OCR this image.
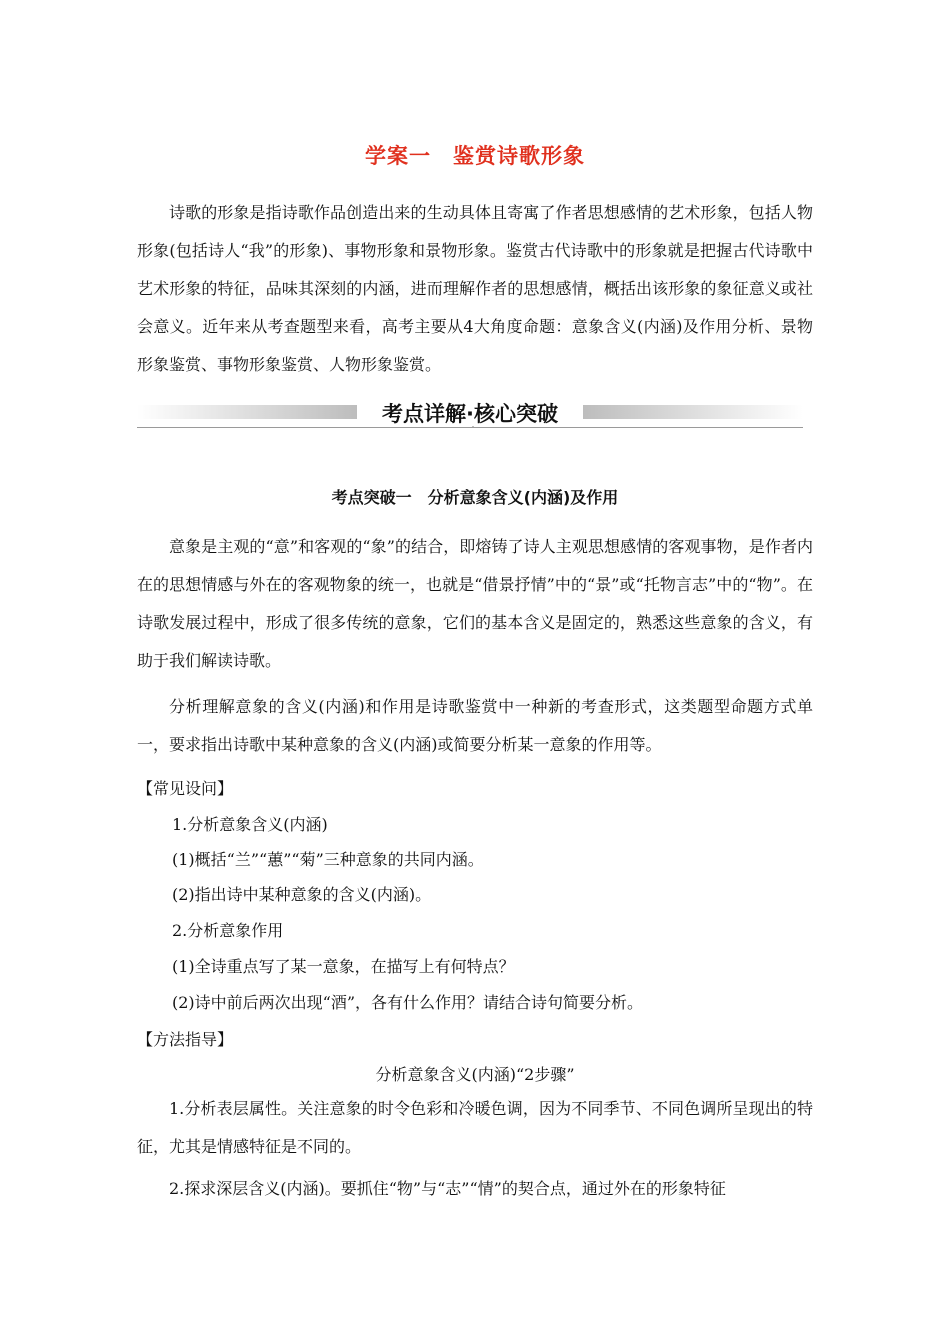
学案一　鉴赏诗歌形象

诗歌的形象是指诗歌作品创造出来的生动具体且寄寓了作者思想感情的艺术形象，包括人物形象(包括诗人“我”的形象)、事物形象和景物形象。鉴赏古代诗歌中的形象就是把握古代诗歌中艺术形象的特征，品味其深刻的内涵，进而理解作者的思想感情，概括出该形象的象征意义或社会意义。近年来从考查题型来看，高考主要从4大角度命题：意象含义(内涵)及作用分析、景物形象鉴赏、事物形象鉴赏、人物形象鉴赏。

考点详解·核心突破
考点突破一　分析意象含义(内涵)及作用

意象是主观的“意”和客观的“象”的结合，即熔铸了诗人主观思想感情的客观事物，是作者内在的思想情感与外在的客观物象的统一，也就是“借景抒情”中的“景”或“托物言志”中的“物”。在诗歌发展过程中，形成了很多传统的意象，它们的基本含义是固定的，熟悉这些意象的含义，有助于我们解读诗歌。

分析理解意象的含义(内涵)和作用是诗歌鉴赏中一种新的考查形式，这类题型命题方式单一，要求指出诗歌中某种意象的含义(内涵)或简要分析某一意象的作用等。

【常见设问】
1.分析意象含义(内涵)
(1)概括“兰”“蕙”“菊”三种意象的共同内涵。
(2)指出诗中某种意象的含义(内涵)。
2.分析意象作用
(1)全诗重点写了某一意象，在描写上有何特点？
(2)诗中前后两次出现“酒”，各有什么作用？请结合诗句简要分析。
【方法指导】
分析意象含义(内涵)“2步骤”

1.分析表层属性。关注意象的时令色彩和冷暖色调，因为不同季节、不同色调所呈现出的特征，尤其是情感特征是不同的。

2.探求深层含义(内涵)。要抓住“物”与“志”“情”的契合点，通过外在的形象特征
